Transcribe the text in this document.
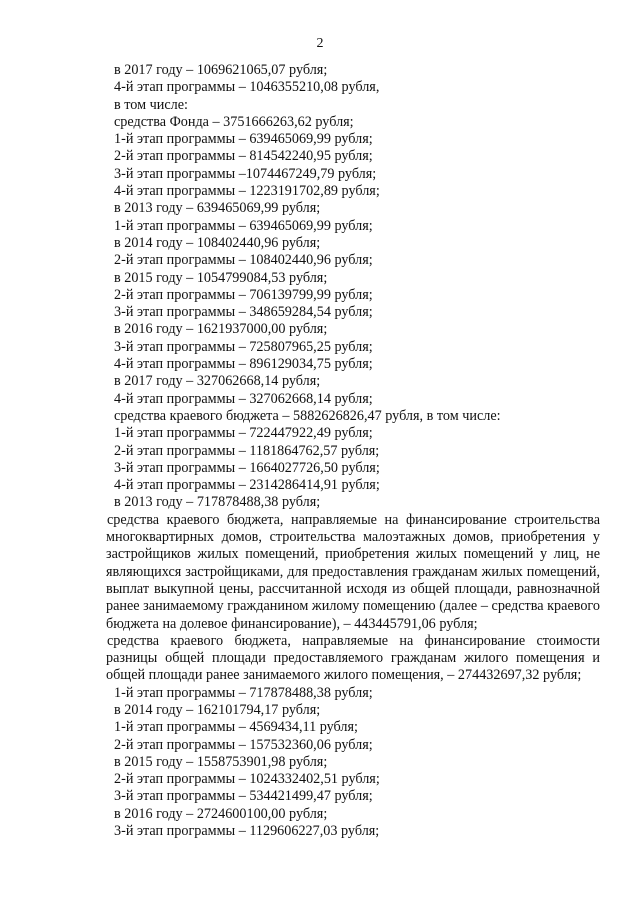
2
в 2017 году – 1069621065,07 рубля;
4-й этап программы – 1046355210,08 рубля,
в том числе:
средства Фонда – 3751666263,62 рубля;
1-й этап программы – 639465069,99 рубля;
2-й этап программы – 814542240,95 рубля;
3-й этап программы –1074467249,79 рубля;
4-й этап программы – 1223191702,89 рубля;
в 2013 году – 639465069,99 рубля;
1-й этап программы – 639465069,99 рубля;
в 2014 году – 108402440,96 рубля;
2-й этап программы – 108402440,96 рубля;
в 2015 году – 1054799084,53 рубля;
2-й этап программы – 706139799,99 рубля;
3-й этап программы – 348659284,54 рубля;
в 2016 году – 1621937000,00 рубля;
3-й этап программы – 725807965,25 рубля;
4-й этап программы – 896129034,75 рубля;
в 2017 году – 327062668,14 рубля;
4-й этап программы – 327062668,14 рубля;
средства краевого бюджета – 5882626826,47 рубля, в том числе:
1-й этап программы – 722447922,49 рубля;
2-й этап программы – 1181864762,57 рубля;
3-й этап программы – 1664027726,50 рубля;
4-й этап программы – 2314286414,91 рубля;
в 2013 году – 717878488,38 рубля;
средства краевого бюджета, направляемые на финансирование строительства многоквартирных домов, строительства малоэтажных домов, приобретения у застройщиков жилых помещений, приобретения жилых помещений у лиц, не являющихся застройщиками, для предоставления гражданам жилых помещений, выплат выкупной цены, рассчитанной исходя из общей площади, равнозначной ранее занимаемому гражданином жилому помещению (далее – средства краевого бюджета на долевое финансирование), – 443445791,06 рубля;
средства краевого бюджета, направляемые на финансирование стоимости разницы общей площади предоставляемого гражданам жилого помещения и общей площади ранее занимаемого жилого помещения, – 274432697,32 рубля;
1-й этап программы – 717878488,38 рубля;
в 2014 году – 162101794,17 рубля;
1-й этап программы – 4569434,11 рубля;
2-й этап программы – 157532360,06 рубля;
в 2015 году – 1558753901,98 рубля;
2-й этап программы – 1024332402,51 рубля;
3-й этап программы – 534421499,47 рубля;
в 2016 году – 2724600100,00 рубля;
3-й этап программы – 1129606227,03 рубля;
